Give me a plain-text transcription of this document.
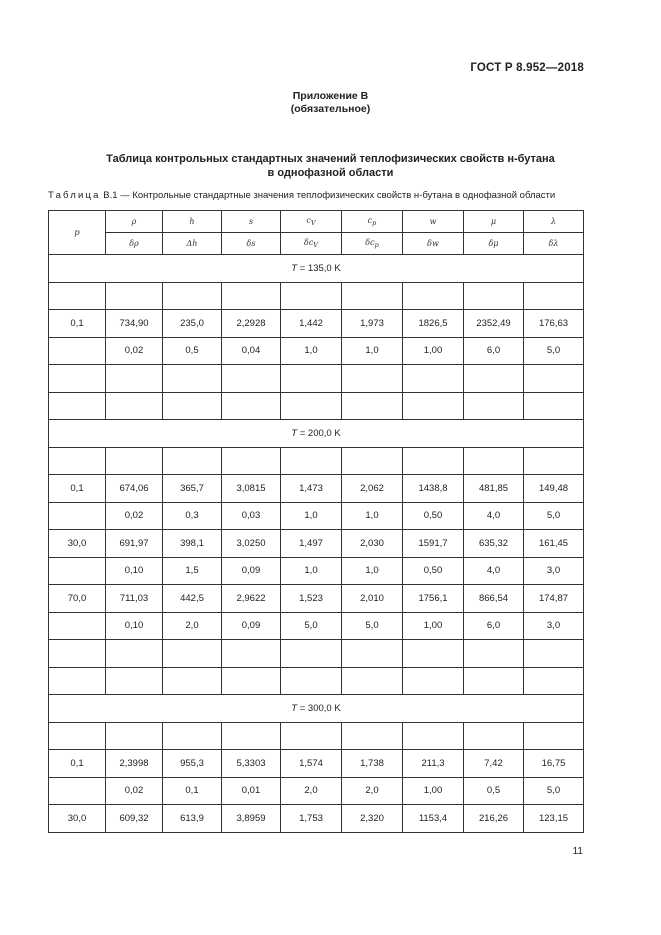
ГОСТ Р 8.952—2018
Приложение В
(обязательное)
Таблица контрольных стандартных значений теплофизических свойств н-бутана
в однофазной области
Таблица В.1 — Контрольные стандартные значения теплофизических свойств н-бутана в однофазной области
p	ρ	h	s	$c_V$	$c_p$	w	μ	λ
	δρ	Δh	δs	$\delta c_V$	$\delta c_p$	δw	δμ	δλ
T = 135,0 K								

0,1	734,90	235,0	2,2928	1,442	1,973	1826,5	2352,49	176,63
	0,02	0,5	0,04	1,0	1,0	1,00	6,0	5,0

T = 200,0 K								

0,1	674,06	365,7	3,0815	1,473	2,062	1438,8	481,85	149,48
	0,02	0,3	0,03	1,0	1,0	0,50	4,0	5,0
30,0	691,97	398,1	3,0250	1,497	2,030	1591,7	635,32	161,45
	0,10	1,5	0,09	1,0	1,0	0,50	4,0	3,0
70,0	711,03	442,5	2,9622	1,523	2,010	1756,1	866,54	174,87
	0,10	2,0	0,09	5,0	5,0	1,00	6,0	3,0

T = 300,0 K								

0,1	2,3998	955,3	5,3303	1,574	1,738	211,3	7,42	16,75
	0,02	0,1	0,01	2,0	2,0	1,00	0,5	5,0
30,0	609,32	613,9	3,8959	1,753	2,320	1153,4	216,26	123,15
11
